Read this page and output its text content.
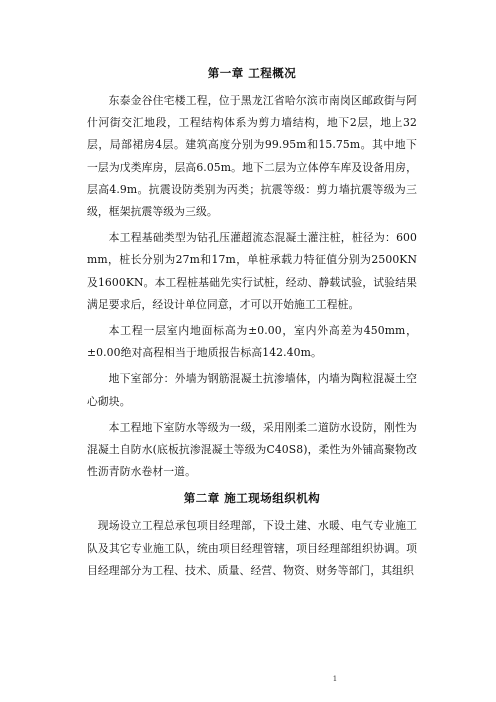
第一章 工程概况

东泰金谷住宅楼工程，位于黑龙江省哈尔滨市南岗区邮政街与阿什河街交汇地段，工程结构体系为剪力墙结构，地下2层，地上32层，局部裙房4层。建筑高度分别为99.95m和15.75m。其中地下一层为戊类库房，层高6.05m。地下二层为立体停车库及设备用房，层高4.9m。抗震设防类别为丙类；抗震等级：剪力墙抗震等级为三级，框架抗震等级为三级。

本工程基础类型为钻孔压灌超流态混凝土灌注桩，桩径为：600mm，桩长分别为27m和17m，单桩承载力特征值分别为2500KN及1600KN。本工程桩基础先实行试桩，经动、静载试验，试验结果满足要求后，经设计单位同意，才可以开始施工工程桩。

本工程一层室内地面标高为±0.00，室内外高差为450mm，±0.00绝对高程相当于地质报告标高142.40m。

地下室部分：外墙为钢筋混凝土抗渗墙体，内墙为陶粒混凝土空心砌块。

本工程地下室防水等级为一级，采用刚柔二道防水设防，刚性为混凝土自防水(底板抗渗混凝土等级为C40S8)，柔性为外铺高聚物改性沥青防水卷材一道。

第二章 施工现场组织机构

现场设立工程总承包项目经理部，下设土建、水暖、电气专业施工队及其它专业施工队，统由项目经理管辖，项目经理部组织协调。项目经理部分为工程、技术、质量、经营、物资、财务等部门，其组织

1
